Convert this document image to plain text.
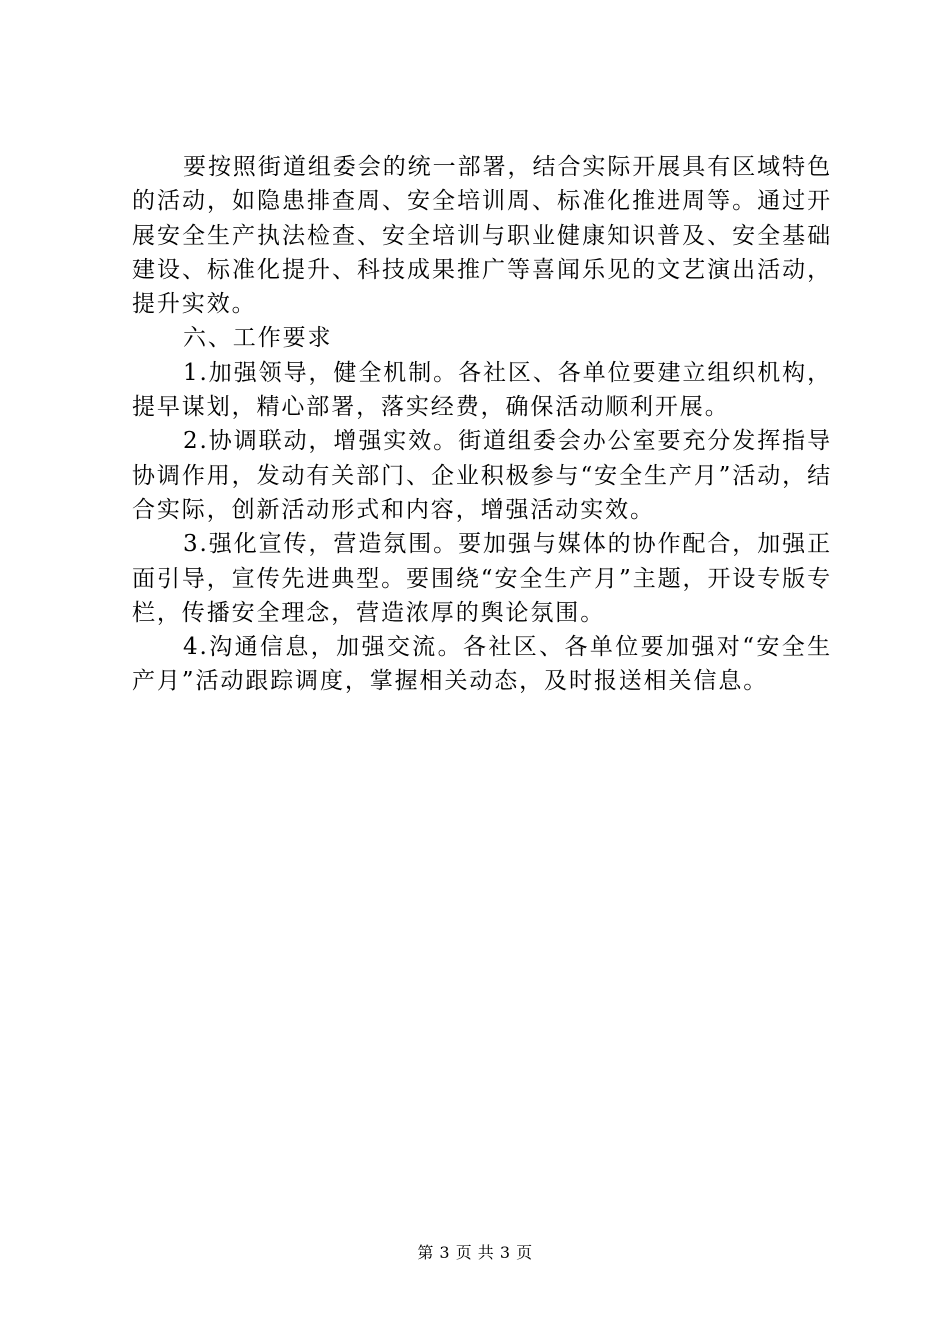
要按照街道组委会的统一部署，结合实际开展具有区域特色的活动，如隐患排查周、安全培训周、标准化推进周等。通过开展安全生产执法检查、安全培训与职业健康知识普及、安全基础建设、标准化提升、科技成果推广等喜闻乐见的文艺演出活动，提升实效。

六、工作要求

1.加强领导，健全机制。各社区、各单位要建立组织机构，提早谋划，精心部署，落实经费，确保活动顺利开展。

2.协调联动，增强实效。街道组委会办公室要充分发挥指导协调作用，发动有关部门、企业积极参与“安全生产月”活动，结合实际，创新活动形式和内容，增强活动实效。

3.强化宣传，营造氛围。要加强与媒体的协作配合，加强正面引导，宣传先进典型。要围绕“安全生产月”主题，开设专版专栏，传播安全理念，营造浓厚的舆论氛围。

4.沟通信息，加强交流。各社区、各单位要加强对“安全生产月”活动跟踪调度，掌握相关动态，及时报送相关信息。

第 3 页 共 3 页
